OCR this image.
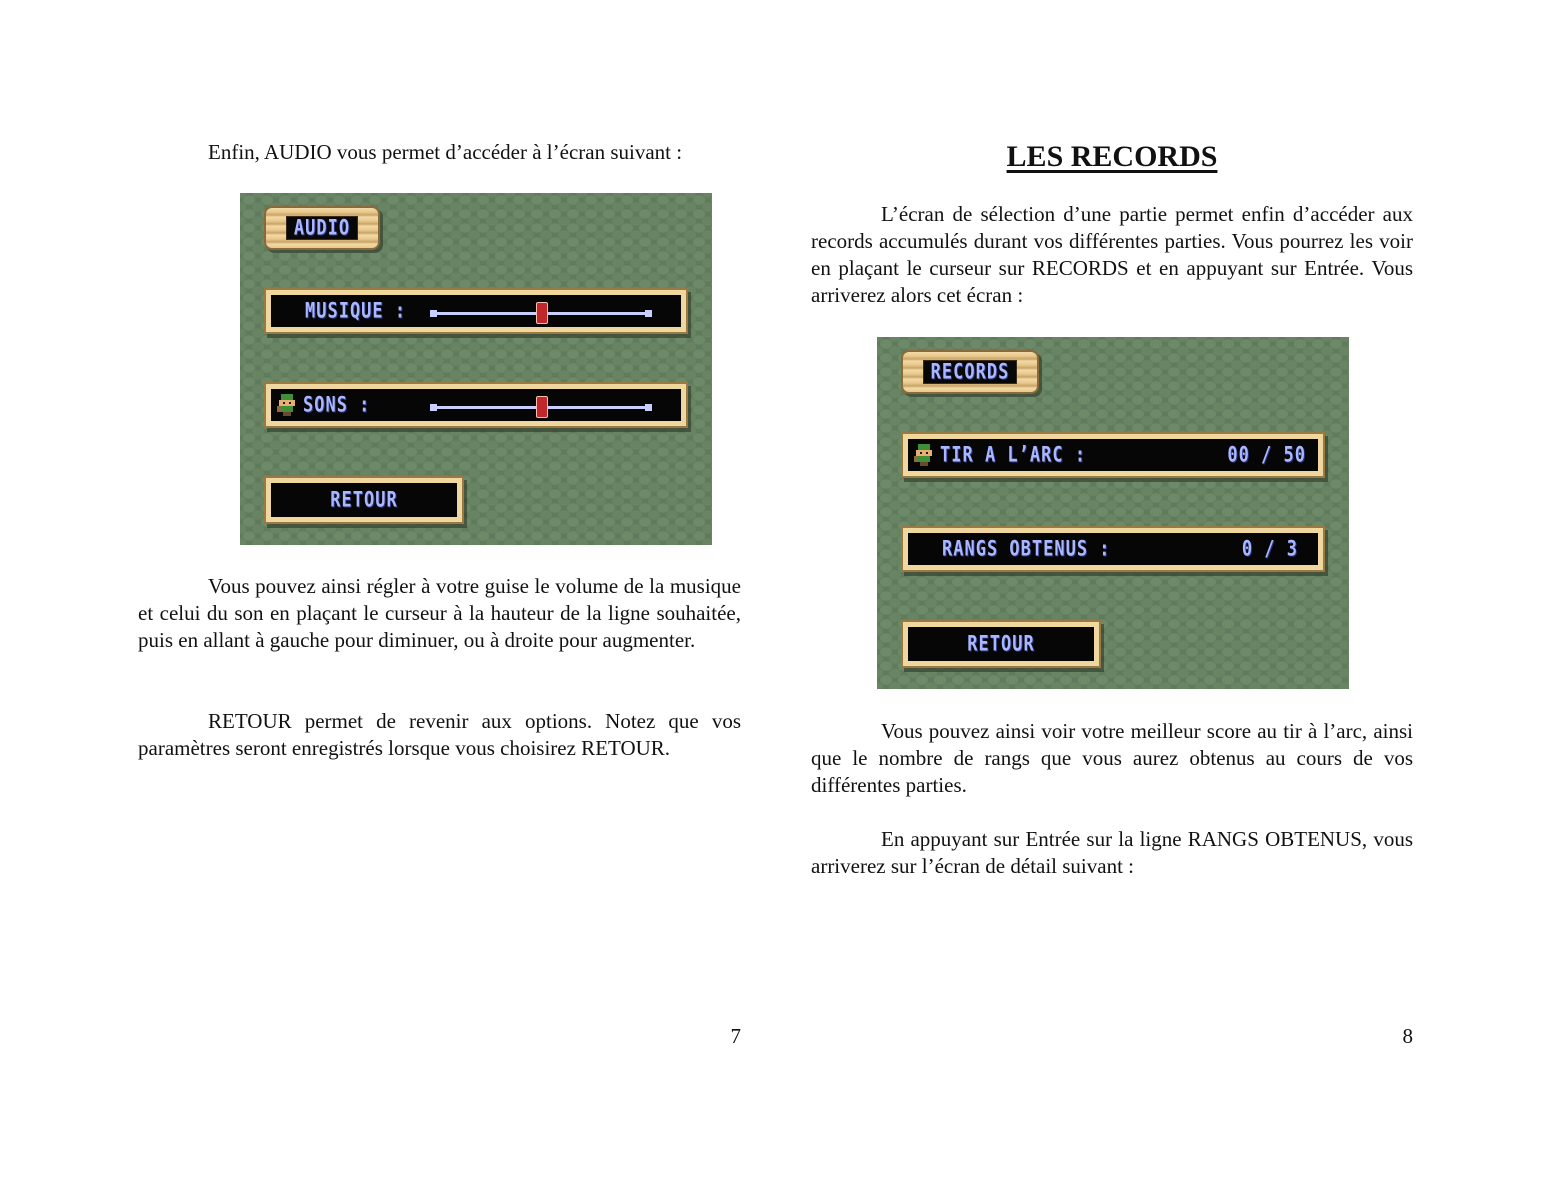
Enfin, AUDIO vous permet d’accéder à l’écran suivant :

AUDIO
MUSIQUE :
SONS :
RETOUR

Vous pouvez ainsi régler à votre guise le volume de la musique et celui du son en plaçant le curseur à la hauteur de la ligne souhaitée, puis en allant à gauche pour diminuer, ou à droite pour augmenter.

RETOUR permet de revenir aux options. Notez que vos paramètres seront enregistrés lorsque vous choisirez RETOUR.

7
LES RECORDS

L’écran de sélection d’une partie permet enfin d’accéder aux records accumulés durant vos différentes parties. Vous pourrez les voir en plaçant le curseur sur RECORDS et en appuyant sur Entrée. Vous arriverez alors cet écran :

RECORDS
TIR A L’ARC :	00 / 50
RANGS OBTENUS :	0 / 3
RETOUR

Vous pouvez ainsi voir votre meilleur score au tir à l’arc, ainsi que le nombre de rangs que vous aurez obtenus au cours de vos différentes parties.

En appuyant sur Entrée sur la ligne RANGS OBTENUS, vous arriverez sur l’écran de détail suivant :

8
